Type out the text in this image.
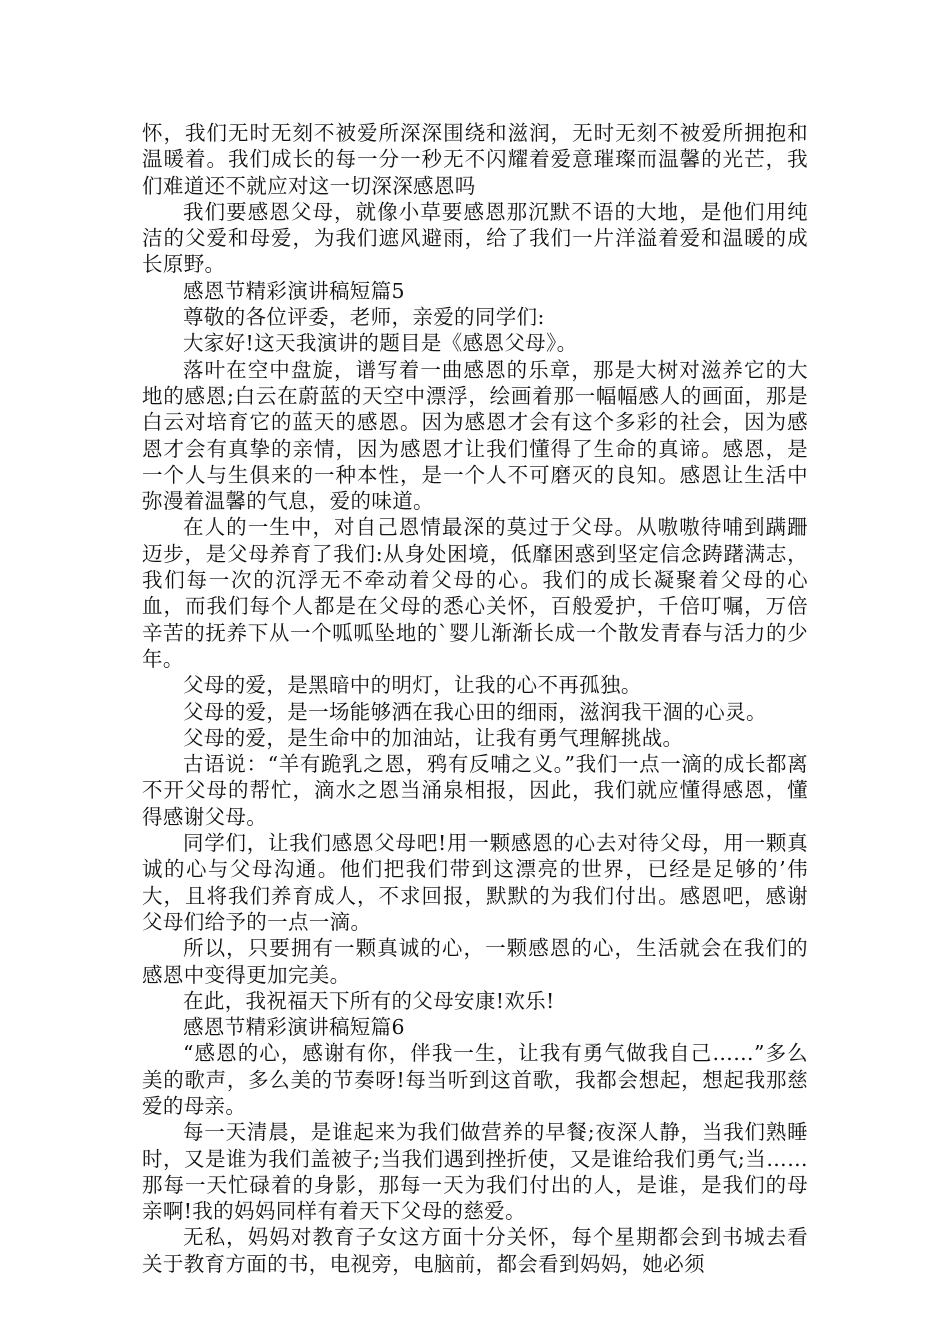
怀，我们无时无刻不被爱所深深围绕和滋润，无时无刻不被爱所拥抱和温暖着。我们成长的每一分一秒无不闪耀着爱意璀璨而温馨的光芒，我们难道还不就应对这一切深深感恩吗

我们要感恩父母，就像小草要感恩那沉默不语的大地，是他们用纯洁的父爱和母爱，为我们遮风避雨，给了我们一片洋溢着爱和温暖的成长原野。

感恩节精彩演讲稿短篇5

尊敬的各位评委，老师，亲爱的同学们:

大家好!这天我演讲的题目是《感恩父母》。

落叶在空中盘旋，谱写着一曲感恩的乐章，那是大树对滋养它的大地的感恩;白云在蔚蓝的天空中漂浮，绘画着那一幅幅感人的画面，那是白云对培育它的蓝天的感恩。因为感恩才会有这个多彩的社会，因为感恩才会有真挚的亲情，因为感恩才让我们懂得了生命的真谛。感恩，是一个人与生俱来的一种本性，是一个人不可磨灭的良知。感恩让生活中弥漫着温馨的气息，爱的味道。

在人的一生中，对自己恩情最深的莫过于父母。从嗷嗷待哺到蹒跚迈步，是父母养育了我们:从身处困境，低靡困惑到坚定信念踌躇满志，我们每一次的沉浮无不牵动着父母的心。我们的成长凝聚着父母的心血，而我们每个人都是在父母的悉心关怀，百般爱护，千倍叮嘱，万倍辛苦的抚养下从一个呱呱坠地的`婴儿渐渐长成一个散发青春与活力的少年。

父母的爱，是黑暗中的明灯，让我的心不再孤独。

父母的爱，是一场能够洒在我心田的细雨，滋润我干涸的心灵。

父母的爱，是生命中的加油站，让我有勇气理解挑战。

古语说：“羊有跪乳之恩，鸦有反哺之义。”我们一点一滴的成长都离不开父母的帮忙，滴水之恩当涌泉相报，因此，我们就应懂得感恩，懂得感谢父母。

同学们，让我们感恩父母吧!用一颗感恩的心去对待父母，用一颗真诚的心与父母沟通。他们把我们带到这漂亮的世界，已经是足够的’伟大，且将我们养育成人，不求回报，默默的为我们付出。感恩吧，感谢父母们给予的一点一滴。

所以，只要拥有一颗真诚的心，一颗感恩的心，生活就会在我们的感恩中变得更加完美。

在此，我祝福天下所有的父母安康!欢乐!

感恩节精彩演讲稿短篇6

“感恩的心，感谢有你，伴我一生，让我有勇气做我自己……”多么美的歌声，多么美的节奏呀!每当听到这首歌，我都会想起，想起我那慈爱的母亲。

每一天清晨，是谁起来为我们做营养的早餐;夜深人静，当我们熟睡时，又是谁为我们盖被子;当我们遇到挫折使，又是谁给我们勇气;当……那每一天忙碌着的身影，那每一天为我们付出的人，是谁，是我们的母亲啊!我的妈妈同样有着天下父母的慈爱。

无私，妈妈对教育子女这方面十分关怀，每个星期都会到书城去看关于教育方面的书，电视旁，电脑前，都会看到妈妈，她必须
